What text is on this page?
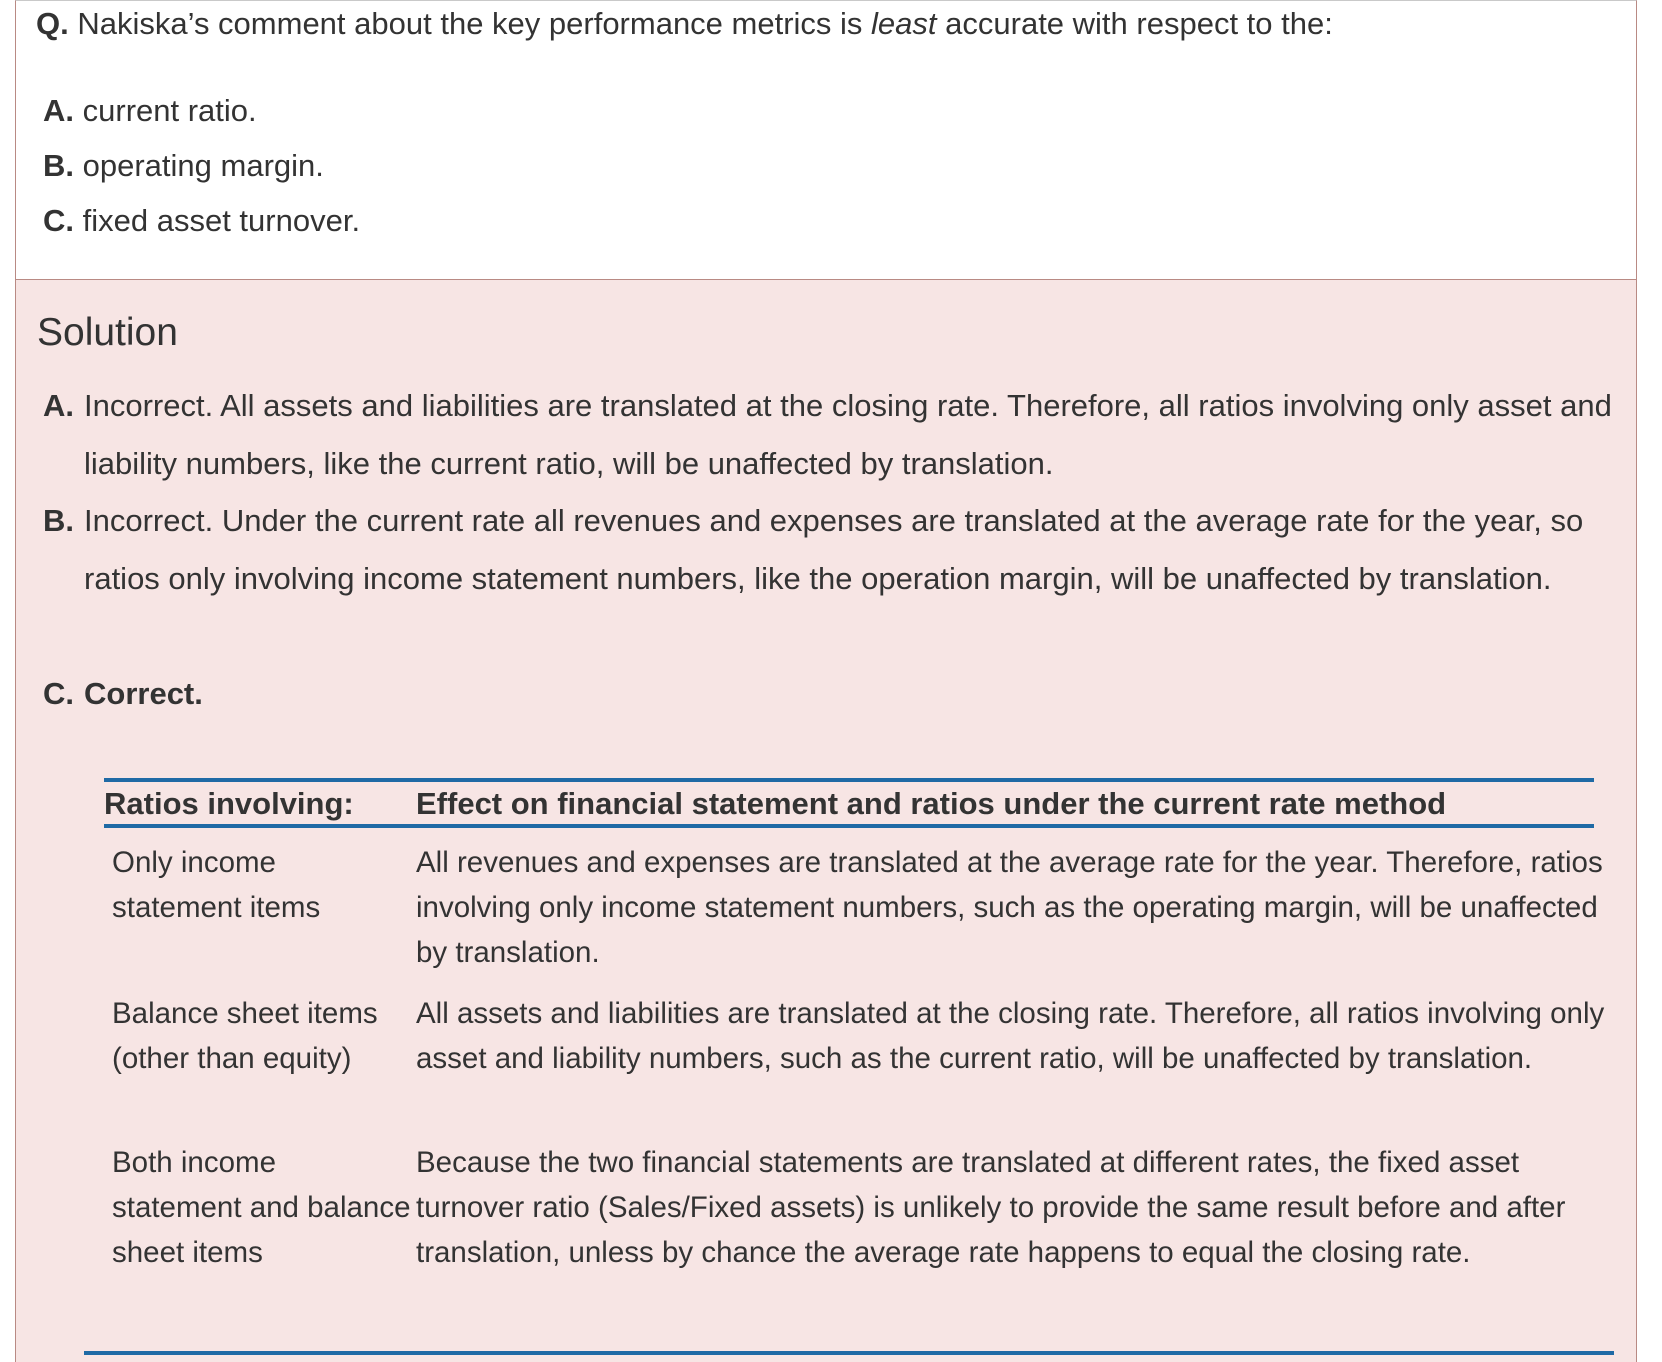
Q. Nakiska’s comment about the key performance metrics is least accurate with respect to the:
A. current ratio.
B. operating margin.
C. fixed asset turnover.
Solution
A. Incorrect. All assets and liabilities are translated at the closing rate. Therefore, all ratios involving only asset and liability numbers, like the current ratio, will be unaffected by translation.
B. Incorrect. Under the current rate all revenues and expenses are translated at the average rate for the year, so ratios only involving income statement numbers, like the operation margin, will be unaffected by translation.
C. Correct.
Ratios involving: Effect on financial statement and ratios under the current rate method
Only income statement items
All revenues and expenses are translated at the average rate for the year. Therefore, ratios involving only income statement numbers, such as the operating margin, will be unaffected by translation.
Balance sheet items (other than equity)
All assets and liabilities are translated at the closing rate. Therefore, all ratios involving only asset and liability numbers, such as the current ratio, will be unaffected by translation.
Both income statement and balance sheet items
Because the two financial statements are translated at different rates, the fixed asset turnover ratio (Sales/Fixed assets) is unlikely to provide the same result before and after translation, unless by chance the average rate happens to equal the closing rate.
